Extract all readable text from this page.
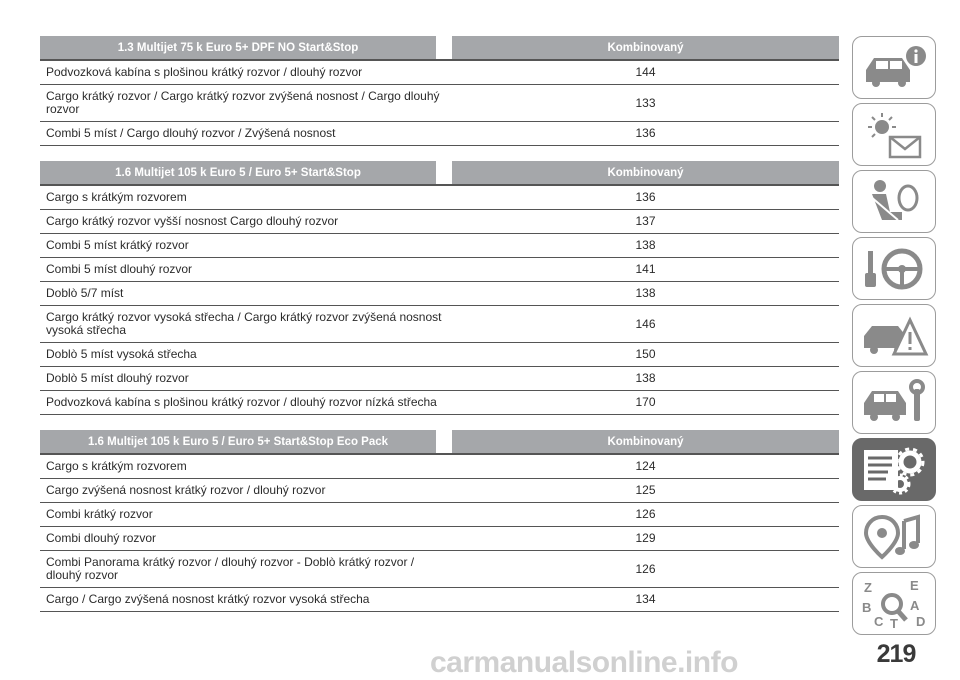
1.3 Multijet 75 k Euro 5+ DPF NO Start&Stop		Kombinovaný
Podvozková kabína s plošinou krátký rozvor / dlouhý rozvor		144
Cargo krátký rozvor / Cargo krátký rozvor zvýšená nosnost / Cargo dlouhý rozvor		133
Combi 5 míst / Cargo dlouhý rozvor / Zvýšená nosnost		136
1.6 Multijet 105 k Euro 5 / Euro 5+ Start&Stop		Kombinovaný
Cargo s krátkým rozvorem		136
Cargo krátký rozvor vyšší nosnost Cargo dlouhý rozvor		137
Combi 5 míst krátký rozvor		138
Combi 5 míst dlouhý rozvor		141
Doblò 5/7 míst		138
Cargo krátký rozvor vysoká střecha / Cargo krátký rozvor zvýšená nosnost vysoká střecha		146
Doblò 5 míst vysoká střecha		150
Doblò 5 míst dlouhý rozvor		138
Podvozková kabína s plošinou krátký rozvor / dlouhý rozvor nízká střecha		170
1.6 Multijet 105 k Euro 5 / Euro 5+ Start&Stop Eco Pack		Kombinovaný
Cargo s krátkým rozvorem		124
Cargo zvýšená nosnost krátký rozvor / dlouhý rozvor		125
Combi krátký rozvor		126
Combi dlouhý rozvor		129
Combi Panorama krátký rozvor / dlouhý rozvor - Doblò krátký rozvor / dlouhý rozvor		126
Cargo / Cargo zvýšená nosnost krátký rozvor vysoká střecha		134
Z	E
B	A
C T D
carmanualsonline.info	219
